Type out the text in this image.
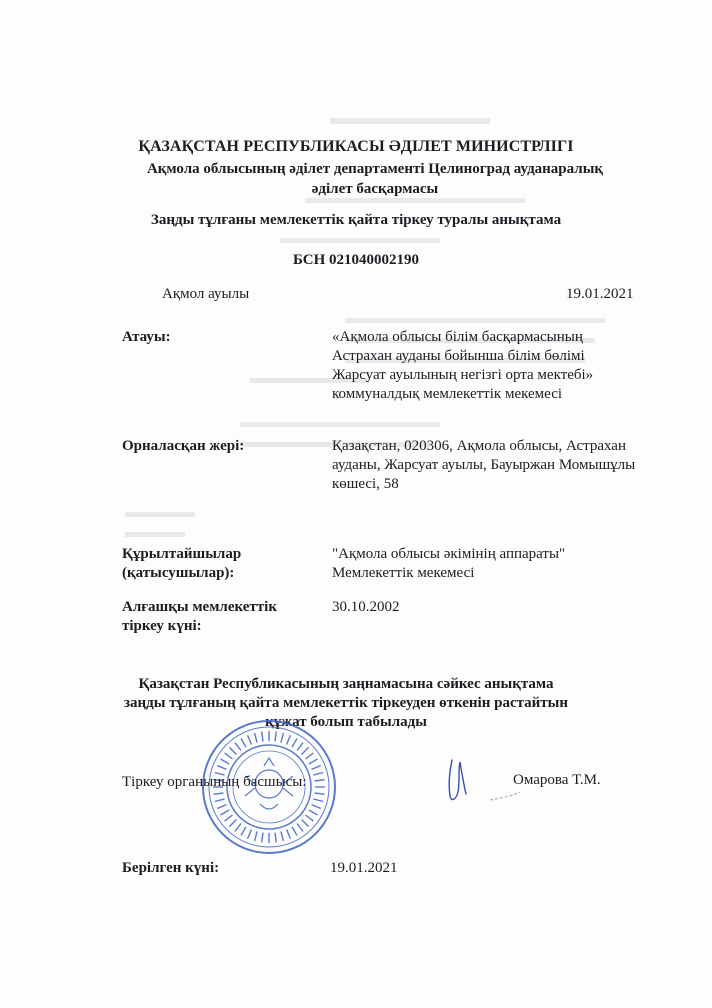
ҚАЗАҚСТАН РЕСПУБЛИКАСЫ ӘДІЛЕТ МИНИСТРЛІГІ
Ақмола облысының әділет департаменті Целиноград ауданаралық әділет басқармасы
Заңды тұлғаны мемлекеттік қайта тіркеу туралы анықтама
БСН 021040002190
Ақмол ауылы	19.01.2021
Атауы:	«Ақмола облысы білім басқармасының Астрахан ауданы бойынша білім бөлімі Жарсуат ауылының негізгі орта мектебі» коммуналдық мемлекеттік мекемесі
Орналасқан жері:	Қазақстан, 020306, Ақмола облысы, Астрахан ауданы, Жарсуат ауылы, Бауыржан Момышұлы көшесі, 58
Құрылтайшылар (қатысушылар):
"Ақмола облысы әкімінің аппараты" Мемлекеттік мекемесі
Алғашқы мемлекеттік тіркеу күні:
30.10.2002
Қазақстан Республикасының заңнамасына сәйкес анықтама заңды тұлғаның қайта мемлекеттік тіркеуден өткенін растайтын құжат болып табылады
Тіркеу органының басшысы:	Омарова Т.М.
Берілген күні:	19.01.2021
